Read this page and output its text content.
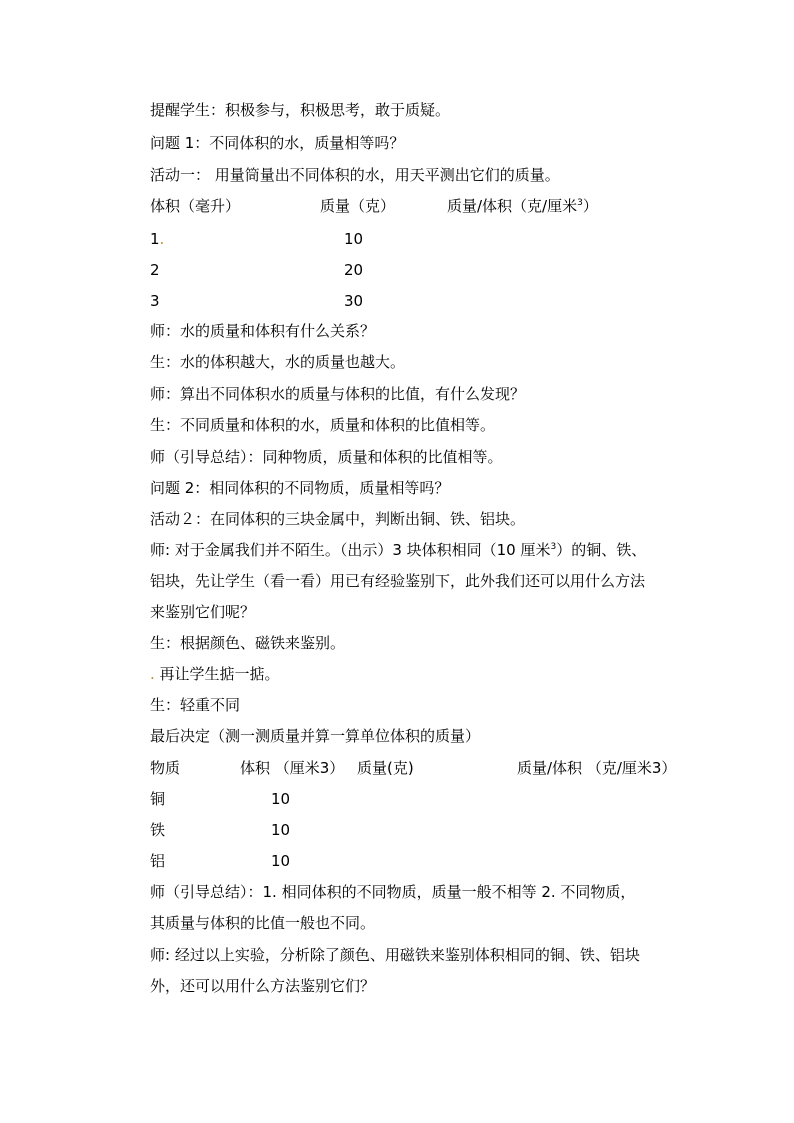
提醒学生：积极参与，积极思考，敢于质疑。
问题 1：不同体积的水，质量相等吗？
活动一： 用量筒量出不同体积的水，用天平测出它们的质量。
体积（毫升）	质量（克）	质量/体积（克/厘米$^3$）
1.	10
2	20
3	30
师：水的质量和体积有什么关系？
生：水的体积越大，水的质量也越大。
师：算出不同体积水的质量与体积的比值，有什么发现？
生：不同质量和体积的水，质量和体积的比值相等。
师（引导总结）：同种物质，质量和体积的比值相等。
问题 2：相同体积的不同物质，质量相等吗？
活动２：在同体积的三块金属中，判断出铜、铁、铝块。
师: 对于金属我们并不陌生。（出示）3 块体积相同（10 厘米$^3$）的铜、铁、
铝块，先让学生（看一看）用已有经验鉴别下，此外我们还可以用什么方法
来鉴别它们呢？
生：根据颜色、磁铁来鉴别。
. 再让学生掂一掂。
生：轻重不同
最后决定（测一测质量并算一算单位体积的质量）
物质	体积 （厘米3） 质量(克)	质量/体积 （克/厘米3）
铜	10
铁	10
铝	10
师（引导总结）：1. 相同体积的不同物质，质量一般不相等 2. 不同物质，
其质量与体积的比值一般也不同。
师: 经过以上实验，分析除了颜色、用磁铁来鉴别体积相同的铜、铁、铝块
外，还可以用什么方法鉴别它们？
